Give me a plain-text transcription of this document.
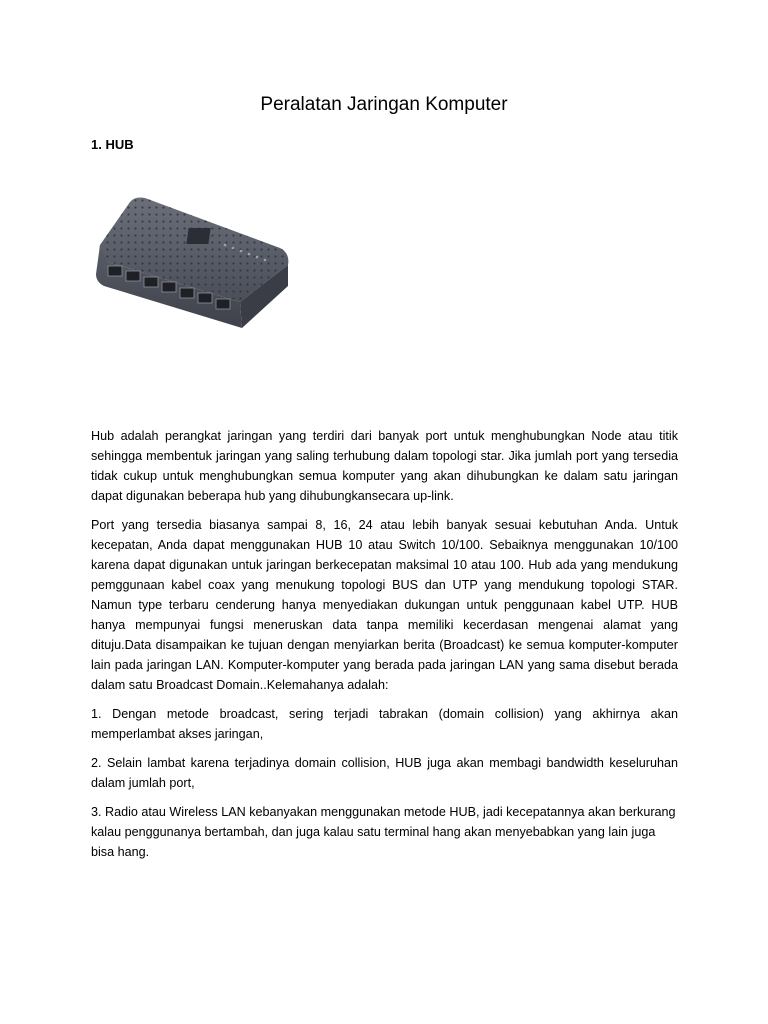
Peralatan Jaringan Komputer
1. HUB

Hub adalah perangkat jaringan yang terdiri dari banyak port untuk menghubungkan Node atau titik sehingga membentuk jaringan yang saling terhubung dalam topologi star. Jika jumlah port yang tersedia tidak cukup untuk menghubungkan semua komputer yang akan dihubungkan ke dalam satu jaringan dapat digunakan beberapa hub yang dihubungkansecara up-link.

Port yang tersedia biasanya sampai 8, 16, 24 atau lebih banyak sesuai kebutuhan Anda. Untuk kecepatan, Anda dapat menggunakan HUB 10 atau Switch 10/100. Sebaiknya menggunakan 10/100 karena dapat digunakan untuk jaringan berkecepatan maksimal 10 atau 100. Hub ada yang mendukung pemggunaan kabel coax yang menukung topologi BUS dan UTP yang mendukung topologi STAR. Namun type terbaru cenderung hanya menyediakan dukungan untuk penggunaan kabel UTP. HUB hanya mempunyai fungsi meneruskan data tanpa memiliki kecerdasan mengenai alamat yang dituju.Data disampaikan ke tujuan dengan menyiarkan berita (Broadcast) ke semua komputer-komputer lain pada jaringan LAN. Komputer-komputer yang berada pada jaringan LAN yang sama disebut berada dalam satu Broadcast Domain..Kelemahanya adalah:

1. Dengan metode broadcast, sering terjadi tabrakan (domain collision) yang akhirnya akan memperlambat akses jaringan,

2. Selain lambat karena terjadinya domain collision, HUB juga akan membagi bandwidth keseluruhan dalam jumlah port,

3. Radio atau Wireless LAN kebanyakan menggunakan metode HUB, jadi kecepatannya akan berkurang kalau penggunanya bertambah, dan juga kalau satu terminal hang akan menyebabkan yang lain juga bisa hang.
